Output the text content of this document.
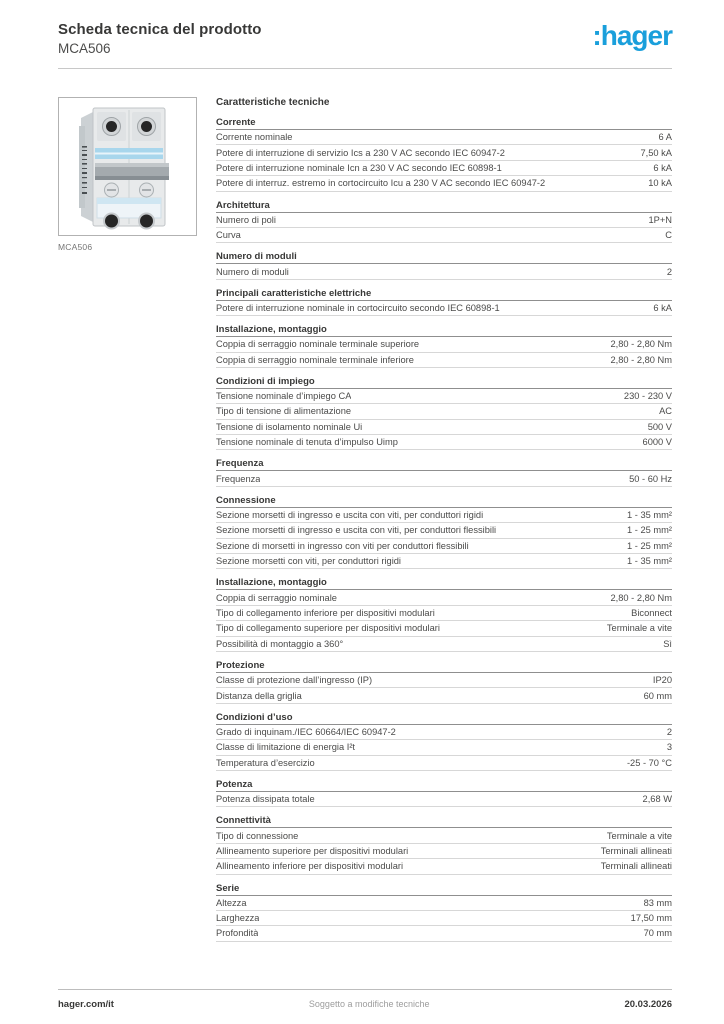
Scheda tecnica del prodotto
MCA506	:hager
MCA506
Caratteristiche tecniche
Corrente
Corrente nominale	6 A
Potere di interruzione di servizio Ics a 230 V AC secondo IEC 60947-2	7,50 kA
Potere di interruzione nominale Icn a 230 V AC secondo IEC 60898-1	6 kA
Potere di interruz. estremo in cortocircuito Icu a 230 V AC secondo IEC 60947-2	10 kA
Architettura
Numero di poli	1P+N
Curva	C
Numero di moduli
Numero di moduli	2
Principali caratteristiche elettriche
Potere di interruzione nominale in cortocircuito secondo IEC 60898-1	6 kA
Installazione, montaggio
Coppia di serraggio nominale terminale superiore	2,80 - 2,80 Nm
Coppia di serraggio nominale terminale inferiore	2,80 - 2,80 Nm
Condizioni di impiego
Tensione nominale d’impiego CA	230 - 230 V
Tipo di tensione di alimentazione	AC
Tensione di isolamento nominale Ui	500 V
Tensione nominale di tenuta d’impulso Uimp	6000 V
Frequenza
Frequenza	50 - 60 Hz
Connessione
Sezione morsetti di ingresso e uscita con viti, per conduttori rigidi	1 - 35 mm²
Sezione morsetti di ingresso e uscita con viti, per conduttori flessibili	1 - 25 mm²
Sezione di morsetti in ingresso con viti per conduttori flessibili	1 - 25 mm²
Sezione morsetti con viti, per conduttori rigidi	1 - 35 mm²
Installazione, montaggio
Coppia di serraggio nominale	2,80 - 2,80 Nm
Tipo di collegamento inferiore per dispositivi modulari	Biconnect
Tipo di collegamento superiore per dispositivi modulari	Terminale a vite
Possibilità di montaggio a 360°	Sì
Protezione
Classe di protezione dall’ingresso (IP)	IP20
Distanza della griglia	60 mm
Condizioni d’uso
Grado di inquinam./IEC 60664/IEC 60947-2	2
Classe di limitazione di energia I²t	3
Temperatura d’esercizio	-25 - 70 °C
Potenza
Potenza dissipata totale	2,68 W
Connettività
Tipo di connessione	Terminale a vite
Allineamento superiore per dispositivi modulari	Terminali allineati
Allineamento inferiore per dispositivi modulari	Terminali allineati
Serie
Altezza	83 mm
Larghezza	17,50 mm
Profondità	70 mm
hager.com/it	Soggetto a modifiche tecniche	20.03.2026
